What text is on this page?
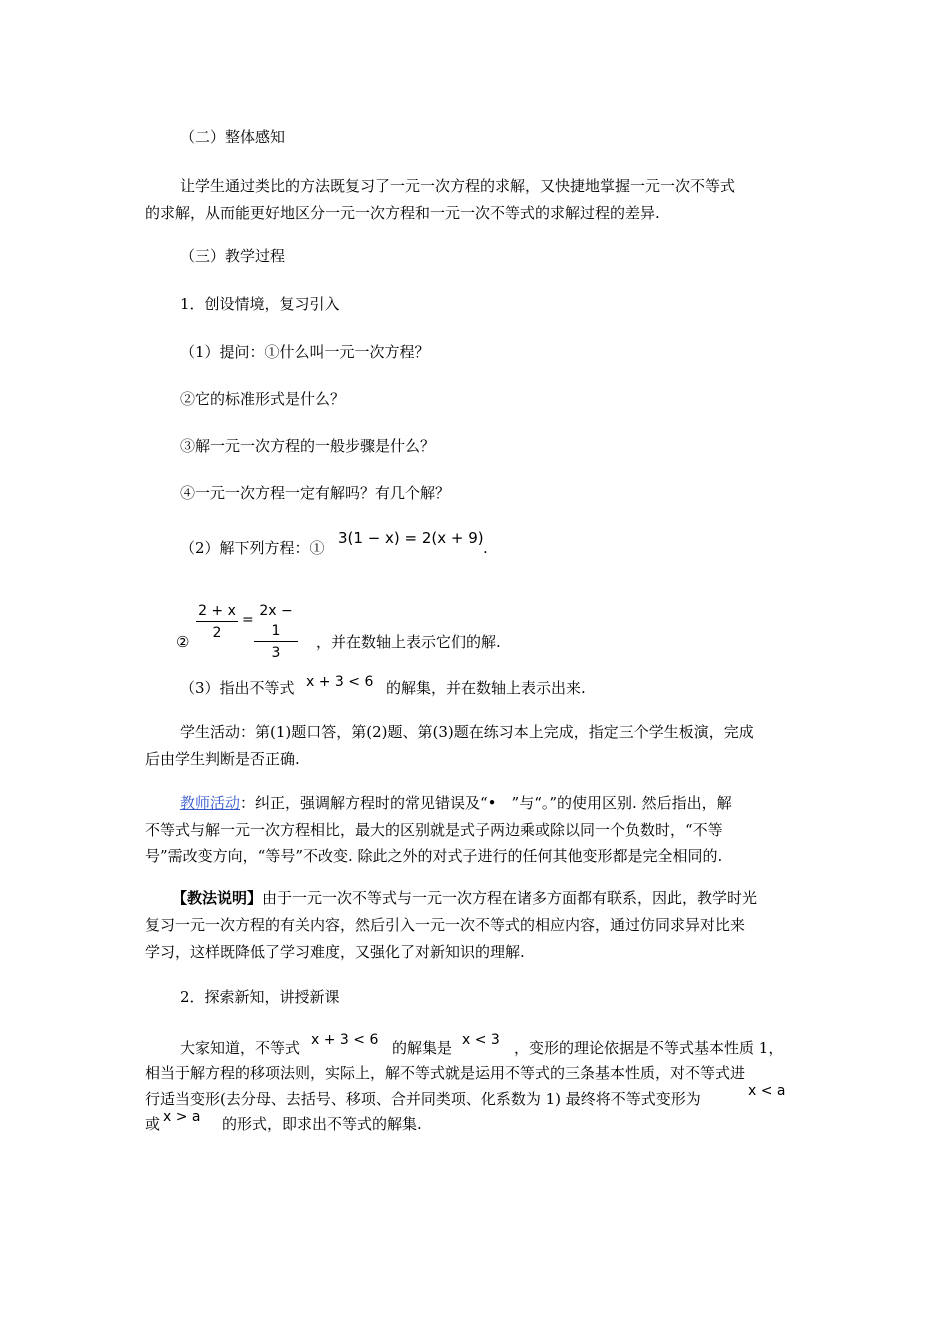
（二）整体感知
让学生通过类比的方法既复习了一元一次方程的求解，又快捷地掌握一元一次不等式
的求解，从而能更好地区分一元一次方程和一元一次不等式的求解过程的差异.
（三）教学过程
1．创设情境，复习引入
（1）提问：①什么叫一元一次方程？
②它的标准形式是什么？
③解一元一次方程的一般步骤是什么？
④一元一次方程一定有解吗？有几个解？
（2）解下列方程：①
3(1 − x) = 2(x + 9)
.
② $\frac{2 + x}{2} = \frac{2x - 1}{3}$ ，并在数轴上表示它们的解.
（3）指出不等式 x + 3 < 6 的解集，并在数轴上表示出来.
学生活动：第(1)题口答，第(2)题、第(3)题在练习本上完成，指定三个学生板演，完成
后由学生判断是否正确.
教师活动：纠正，强调解方程时的常见错误及“•　”与“。”的使用区别. 然后指出，解
不等式与解一元一次方程相比，最大的区别就是式子两边乘或除以同一个负数时，“不等
号”需改变方向，“等号”不改变. 除此之外的对式子进行的任何其他变形都是完全相同的.
【教法说明】由于一元一次不等式与一元一次方程在诸多方面都有联系，因此，教学时光
复习一元一次方程的有关内容，然后引入一元一次不等式的相应内容，通过仿同求异对比来
学习，这样既降低了学习难度，又强化了对新知识的理解.
2．探索新知，讲授新课
大家知道，不等式 x + 3 < 6 的解集是 x < 3 ，变形的理论依据是不等式基本性质 1，
相当于解方程的移项法则，实际上，解不等式就是运用不等式的三条基本性质，对不等式进
行适当变形(去分母、去括号、移项、合并同类项、化系数为 1) 最终将不等式变形为	x < a
或 x > a 的形式，即求出不等式的解集.
